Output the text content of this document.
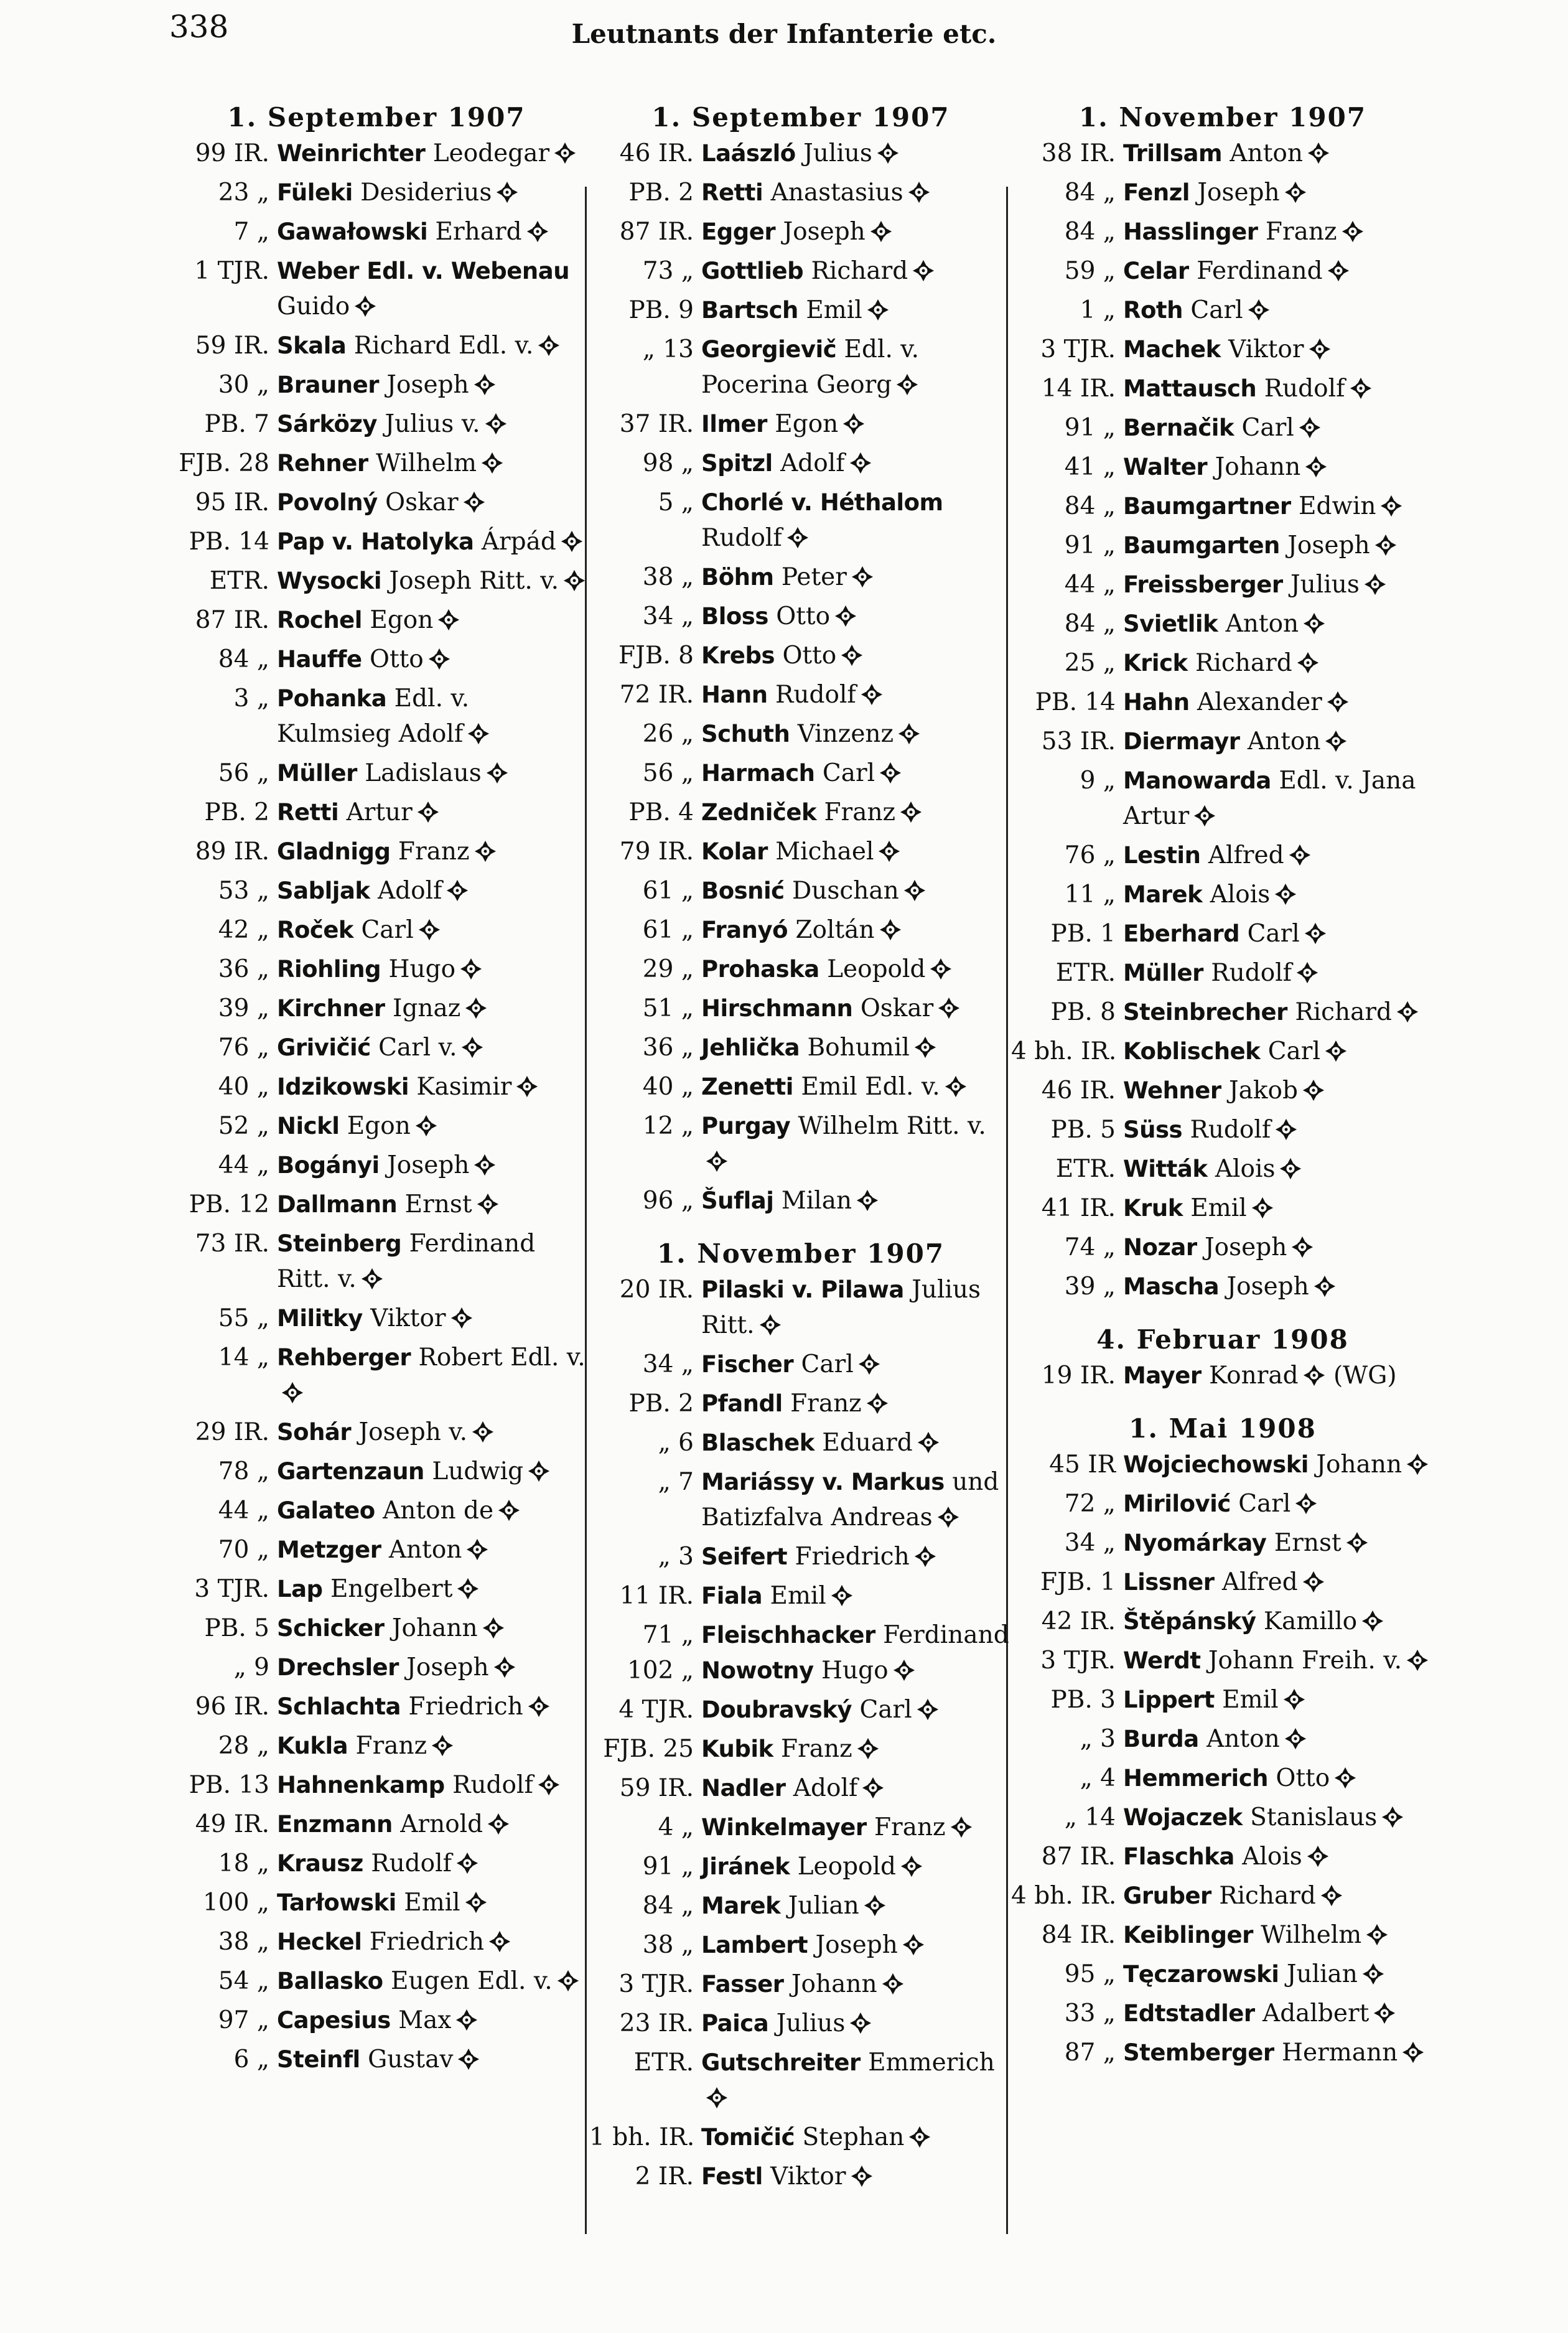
338	Leutnants der Infanterie etc.
1. September 1907
99 IR. Weinrichter Leodegar
23 „ Füleki Desiderius
7 „ Gawałowski Erhard
1 TJR. Weber Edl. v. Webenau Guido
59 IR. Skala Richard Edl. v.
30 „ Brauner Joseph
PB. 7 Sárközy Julius v.
FJB. 28 Rehner Wilhelm
95 IR. Povolný Oskar
PB. 14 Pap v. Hatolyka Árpád
ETR. Wysocki Joseph Ritt. v.
87 IR. Rochel Egon
84 „ Hauffe Otto
3 „ Pohanka Edl. v. Kulmsieg Adolf
56 „ Müller Ladislaus
PB. 2 Retti Artur
89 IR. Gladnigg Franz
53 „ Sabljak Adolf
42 „ Roček Carl
36 „ Riohling Hugo
39 „ Kirchner Ignaz
76 „ Grivičić Carl v.
40 „ Idzikowski Kasimir
52 „ Nickl Egon
44 „ Bogányi Joseph
PB. 12 Dallmann Ernst
73 IR. Steinberg Ferdinand Ritt. v.
55 „ Militky Viktor
14 „ Rehberger Robert Edl. v.
29 IR. Sohár Joseph v.
78 „ Gartenzaun Ludwig
44 „ Galateo Anton de
70 „ Metzger Anton
3 TJR. Lap Engelbert
PB. 5 Schicker Johann
„ 9 Drechsler Joseph
96 IR. Schlachta Friedrich
28 „ Kukla Franz
PB. 13 Hahnenkamp Rudolf
49 IR. Enzmann Arnold
18 „ Krausz Rudolf
100 „ Tarłowski Emil
38 „ Heckel Friedrich
54 „ Ballasko Eugen Edl. v.
97 „ Capesius Max
6 „ Steinfl Gustav
1. September 1907
46 IR. Laászló Julius
PB. 2 Retti Anastasius
87 IR. Egger Joseph
73 „ Gottlieb Richard
PB. 9 Bartsch Emil
„ 13 Georgievič Edl. v. Pocerina Georg
37 IR. Ilmer Egon
98 „ Spitzl Adolf
5 „ Chorlé v. Héthalom Rudolf
38 „ Böhm Peter
34 „ Bloss Otto
FJB. 8 Krebs Otto
72 IR. Hann Rudolf
26 „ Schuth Vinzenz
56 „ Harmach Carl
PB. 4 Zedniček Franz
79 IR. Kolar Michael
61 „ Bosnić Duschan
61 „ Franyó Zoltán
29 „ Prohaska Leopold
51 „ Hirschmann Oskar
36 „ Jehlička Bohumil
40 „ Zenetti Emil Edl. v.
12 „ Purgay Wilhelm Ritt. v.
96 „ Šuflaj Milan
1. November 1907
20 IR. Pilaski v. Pilawa Julius Ritt.
34 „ Fischer Carl
PB. 2 Pfandl Franz
„ 6 Blaschek Eduard
„ 7 Mariássy v. Markus und Batizfalva Andreas
„ 3 Seifert Friedrich
11 IR. Fiala Emil
71 „ Fleischhacker Ferdinand
102 „ Nowotny Hugo
4 TJR. Doubravský Carl
FJB. 25 Kubik Franz
59 IR. Nadler Adolf
4 „ Winkelmayer Franz
91 „ Jiránek Leopold
84 „ Marek Julian
38 „ Lambert Joseph
3 TJR. Fasser Johann
23 IR. Paica Julius
ETR. Gutschreiter Emmerich
1 bh. IR. Tomičić Stephan
2 IR. Festl Viktor
1. November 1907
38 IR. Trillsam Anton
84 „ Fenzl Joseph
84 „ Hasslinger Franz
59 „ Celar Ferdinand
1 „ Roth Carl
3 TJR. Machek Viktor
14 IR. Mattausch Rudolf
91 „ Bernačik Carl
41 „ Walter Johann
84 „ Baumgartner Edwin
91 „ Baumgarten Joseph
44 „ Freissberger Julius
84 „ Svietlik Anton
25 „ Krick Richard
PB. 14 Hahn Alexander
53 IR. Diermayr Anton
9 „ Manowarda Edl. v. Jana Artur
76 „ Lestin Alfred
11 „ Marek Alois
PB. 1 Eberhard Carl
ETR. Müller Rudolf
PB. 8 Steinbrecher Richard
4 bh. IR. Koblischek Carl
46 IR. Wehner Jakob
PB. 5 Süss Rudolf
ETR. Witták Alois
41 IR. Kruk Emil
74 „ Nozar Joseph
39 „ Mascha Joseph
4. Februar 1908
19 IR. Mayer Konrad (WG)
1. Mai 1908
45 IR Wojciechowski Johann
72 „ Mirilović Carl
34 „ Nyomárkay Ernst
FJB. 1 Lissner Alfred
42 IR. Štěpánský Kamillo
3 TJR. Werdt Johann Freih. v.
PB. 3 Lippert Emil
„ 3 Burda Anton
„ 4 Hemmerich Otto
„ 14 Wojaczek Stanislaus
87 IR. Flaschka Alois
4 bh. IR. Gruber Richard
84 IR. Keiblinger Wilhelm
95 „ Tęczarowski Julian
33 „ Edtstadler Adalbert
87 „ Stemberger Hermann
